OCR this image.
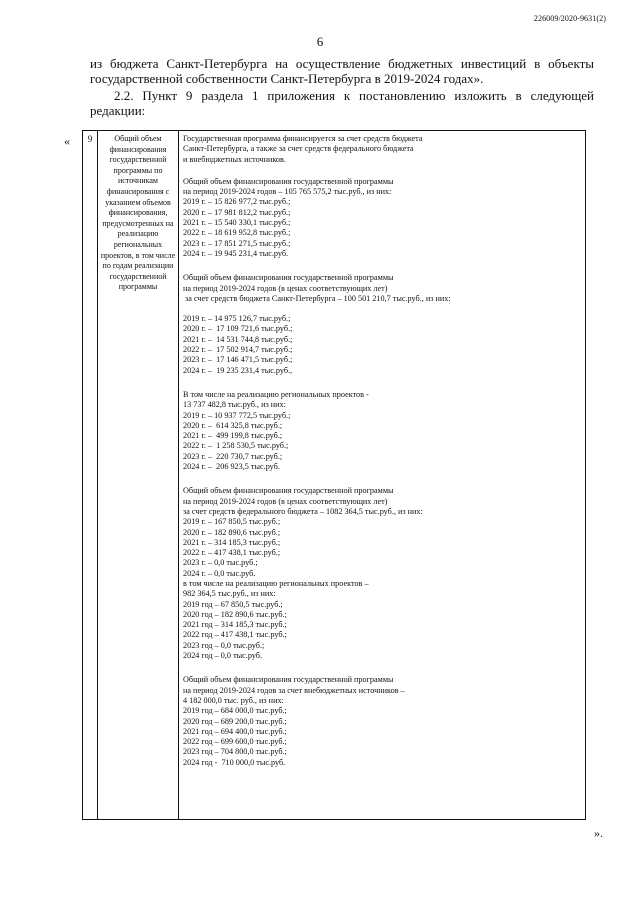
226009/2020-9631(2)
6
из бюджета Санкт-Петербурга на осуществление бюджетных инвестиций в объекты государственной собственности Санкт-Петербурга в 2019-2024 годах».
2.2. Пункт 9 раздела 1 приложения к постановлению изложить в следующей редакции:
« 9	Общий объем финансирования государственной программы по источникам финансирования с указанием объемов финансирования, предусмотренных на реализацию региональных проектов, в том числе по годам реализации государственной программы	
Государственная программа финансируется за счет средств бюджета
Санкт-Петербурга, а также за счет средств федерального бюджета
и внебюджетных источников.
Общий объем финансирования государственной программы
на период 2019-2024 годов – 105 765 575,2 тыс.руб., из них:
2019 г. – 15 826 977,2 тыс.руб.;
2020 г. – 17 981 812,2 тыс.руб.;
2021 г. – 15 540 330,1 тыс.руб.;
2022 г. – 18 619 952,8 тыс.руб.;
2023 г. – 17 851 271,5 тыс.руб.;
2024 г. – 19 945 231,4 тыс.руб.
Общий объем финансирования государственной программы
на период 2019-2024 годов (в ценах соответствующих лет)
за счет средств бюджета Санкт-Петербурга – 100 501 210,7 тыс.руб., из них:
2019 г. – 14 975 126,7 тыс.руб.;
2020 г. –  17 109 721,6 тыс.руб.;
2021 г. –  14 531 744,8 тыс.руб.;
2022 г. –  17 502 914,7 тыс.руб.;
2023 г. –  17 146 471,5 тыс.руб.;
2024 г. –  19 235 231,4 тыс.руб.,
В том числе на реализацию региональных проектов -
13 737 482,8 тыс.руб., из них:
2019 г. – 10 937 772,5 тыс.руб.;
2020 г. –  614 325,8 тыс.руб.;
2021 г. –  499 199,8 тыс.руб.;
2022 г. –  1 258 530,5 тыс.руб.;
2023 г. –  220 730,7 тыс.руб.;
2024 г. –  206 923,5 тыс.руб.
Общий объем финансирования государственной программы
на период 2019-2024 годов (в ценах соответствующих лет)
за счет средств федерального бюджета – 1082 364,5 тыс.руб., из них:
2019 г. – 167 850,5 тыс.руб.;
2020 г. – 182 890,6 тыс.руб.;
2021 г. – 314 185,3 тыс.руб.;
2022 г. – 417 438,1 тыс.руб.;
2023 г. – 0,0 тыс.руб.;
2024 г. – 0,0 тыс.руб.
в том числе на реализацию региональных проектов –
982 364,5 тыс.руб., из них:
2019 год – 67 850,5 тыс.руб.;
2020 год – 182 890,6 тыс.руб.;
2021 год – 314 185,3 тыс.руб.;
2022 год – 417 438,1 тыс.руб.;
2023 год – 0,0 тыс.руб.;
2024 год – 0,0 тыс.руб.
Общий объем финансирования государственной программы
на период 2019-2024 годов за счет внебюджетных источников –
4 182 000,0 тыс. руб., из них:
2019 год – 684 000,0 тыс.руб.;
2020 год – 689 200,0 тыс.руб.;
2021 год – 694 400,0 тыс.руб.;
2022 год – 699 600,0 тыс.руб.;
2023 год – 704 800,0 тыс.руб.;
2024 год -  710 000,0 тыс.руб.
».
